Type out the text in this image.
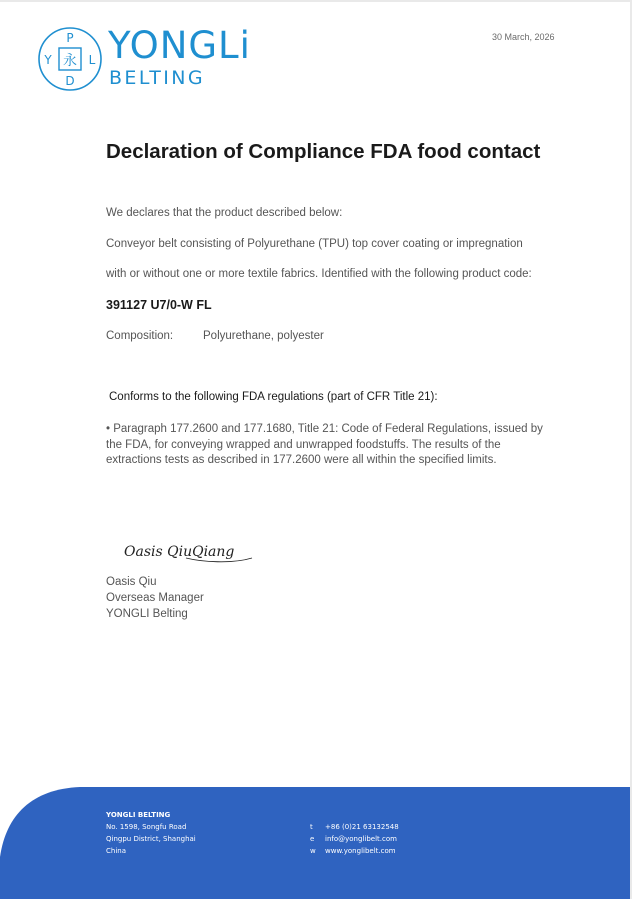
P
Y	L
D
永 YONGLi
BELTING
30 March, 2026
Declaration of Compliance FDA food contact
We declares that the product described below:
Conveyor belt consisting of Polyurethane (TPU) top cover coating or impregnation
with or without one or more textile fabrics. Identified with the following product code:
391127 U7/0-W FL
Composition:	Polyurethane, polyester
Conforms to the following FDA regulations (part of CFR Title 21):
• Paragraph 177.2600 and 177.1680, Title 21: Code of Federal Regulations, issued by the FDA, for conveying wrapped and unwrapped foodstuffs. The results of the extractions tests as described in 177.2600 were all within the specified limits.
Oasis QiuQiang
Oasis Qiu
Overseas Manager
YONGLI Belting
YONGLI BELTING
No. 1598, Songfu Road
Qingpu District, Shanghai
China
t +86 (0)21 63132548
e info@yonglibelt.com
w www.yonglibelt.com
